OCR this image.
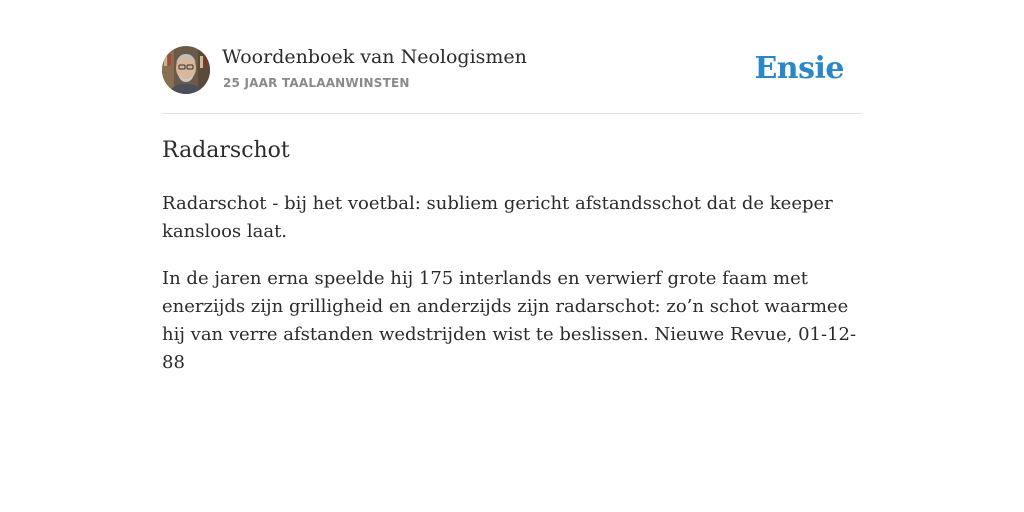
Woordenboek van Neologismen
25 JAAR TAALAANWINSTEN	Ensie
Radarschot

Radarschot - bij het voetbal: subliem gericht afstandsschot dat de keeper kansloos laat.

In de jaren erna speelde hij 175 interlands en verwierf grote faam met enerzijds zijn grilligheid en anderzijds zijn radarschot: zo’n schot waarmee hij van verre afstanden wedstrijden wist te beslissen. Nieuwe Revue, 01-12-88
